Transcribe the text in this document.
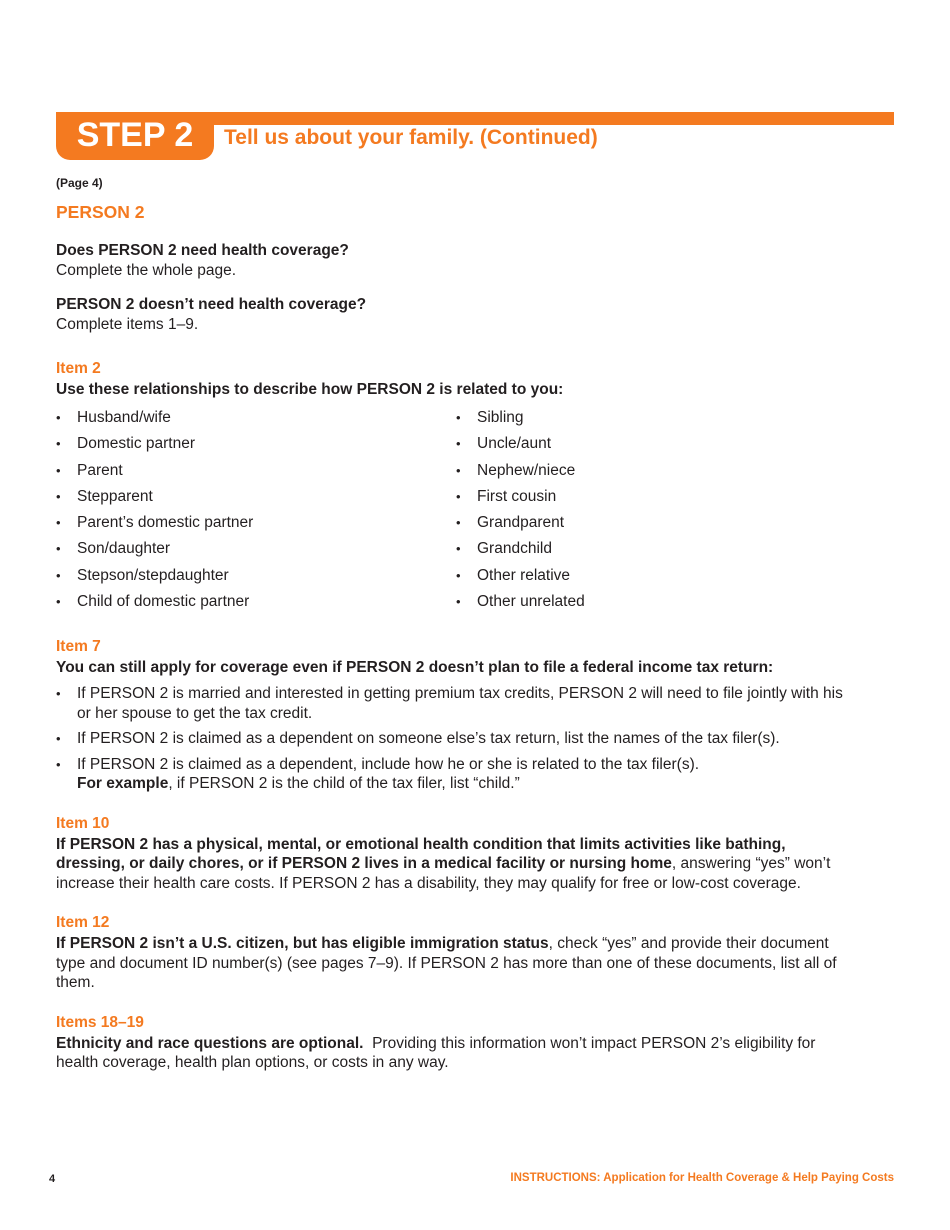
STEP 2	Tell us about your family. (Continued)

(Page 4)

PERSON 2

Does PERSON 2 need health coverage?

Complete the whole page.

PERSON 2 doesn’t need health coverage?

Complete items 1–9.

Item 2

Use these relationships to describe how PERSON 2 is related to you:

• Husband/wife
• Domestic partner
• Parent
• Stepparent
• Parent’s domestic partner
• Son/daughter
• Stepson/stepdaughter
• Child of domestic partner
• Sibling
• Uncle/aunt
• Nephew/niece
• First cousin
• Grandparent
• Grandchild
• Other relative
• Other unrelated

Item 7

You can still apply for coverage even if PERSON 2 doesn’t plan to file a federal income tax return:

• If PERSON 2 is married and interested in getting premium tax credits, PERSON 2 will need to file jointly with his or her spouse to get the tax credit.
• If PERSON 2 is claimed as a dependent on someone else’s tax return, list the names of the tax filer(s).
• If PERSON 2 is claimed as a dependent, include how he or she is related to the tax filer(s).
For example, if PERSON 2 is the child of the tax filer, list “child.”

Item 10

If PERSON 2 has a physical, mental, or emotional health condition that limits activities like bathing, dressing, or daily chores, or if PERSON 2 lives in a medical facility or nursing home, answering “yes” won’t increase their health care costs. If PERSON 2 has a disability, they may qualify for free or low-cost coverage.

Item 12

If PERSON 2 isn’t a U.S. citizen, but has eligible immigration status, check “yes” and provide their document type and document ID number(s) (see pages 7–9). If PERSON 2 has more than one of these documents, list all of them.

Items 18–19

Ethnicity and race questions are optional.  Providing this information won’t impact PERSON 2’s eligibility for health coverage, health plan options, or costs in any way.

4	INSTRUCTIONS: Application for Health Coverage & Help Paying Costs
